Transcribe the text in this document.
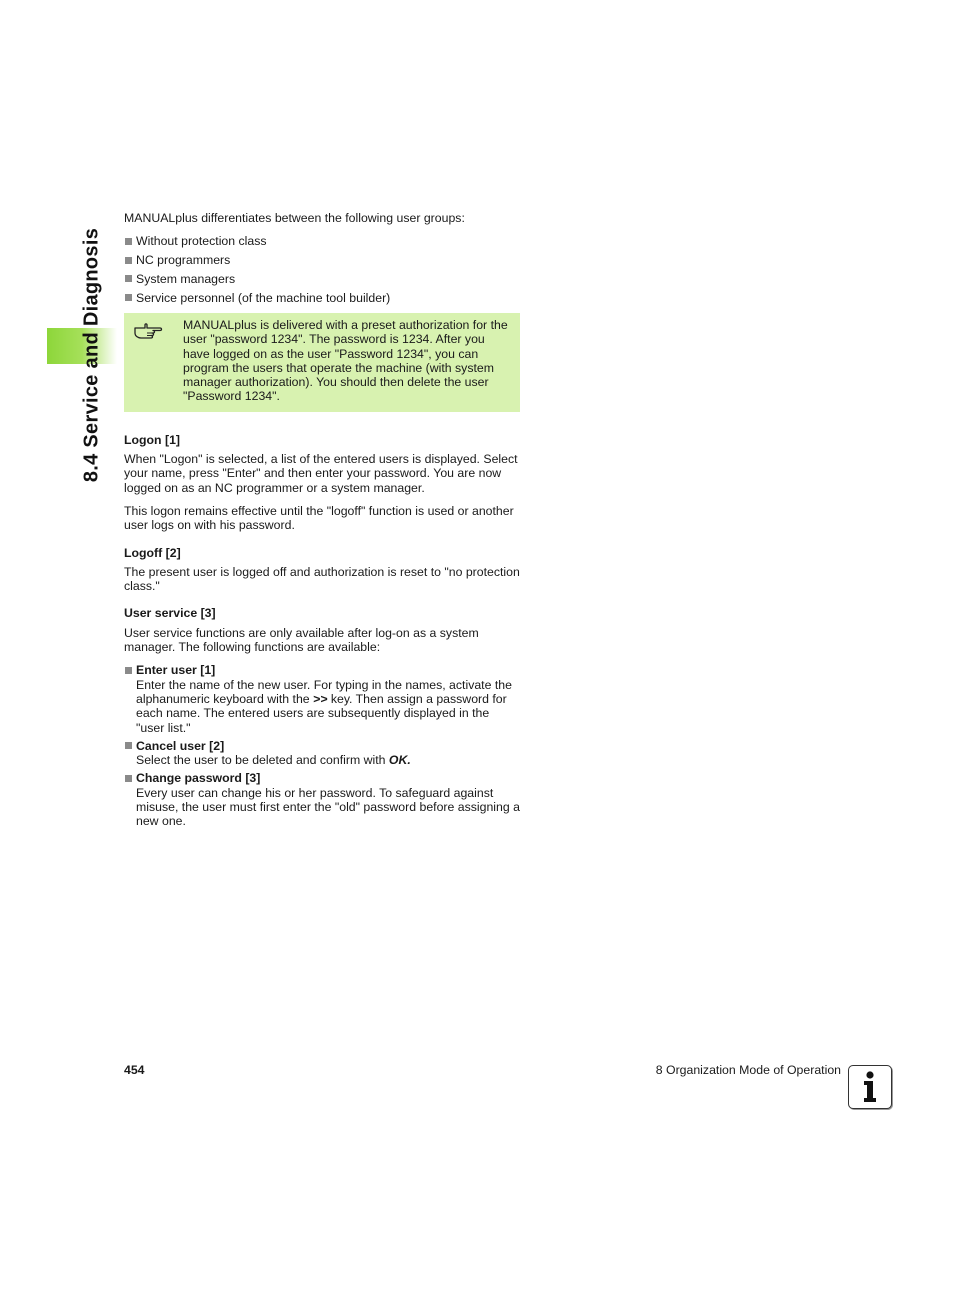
8.4 Service and Diagnosis

MANUALplus differentiates between the following user groups:

Without protection class
NC programmers
System managers
Service personnel (of the machine tool builder)
MANUALplus is delivered with a preset authorization for the user "password 1234". The password is 1234. After you have logged on as the user "Password 1234", you can program the users that operate the machine (with system manager authorization). You should then delete the user "Password 1234".
Logon [1]

When "Logon" is selected, a list of the entered users is displayed. Select your name, press "Enter" and then enter your password. You are now logged on as an NC programmer or a system manager.

This logon remains effective until the "logoff" function is used or another user logs on with his password.

Logoff [2]

The present user is logged off and authorization is reset to "no protection class."

User service [3]

User service functions are only available after log-on as a system manager. The following functions are available:

Enter user [1]
Enter the name of the new user. For typing in the names, activate the alphanumeric keyboard with the >> key. Then assign a password for each name. The entered users are subsequently displayed in the "user list."
Cancel user [2]
Select the user to be deleted and confirm with OK.
Change password [3]
Every user can change his or her password. To safeguard against misuse, the user must first enter the "old" password before assigning a new one.
454	8 Organization Mode of Operation
